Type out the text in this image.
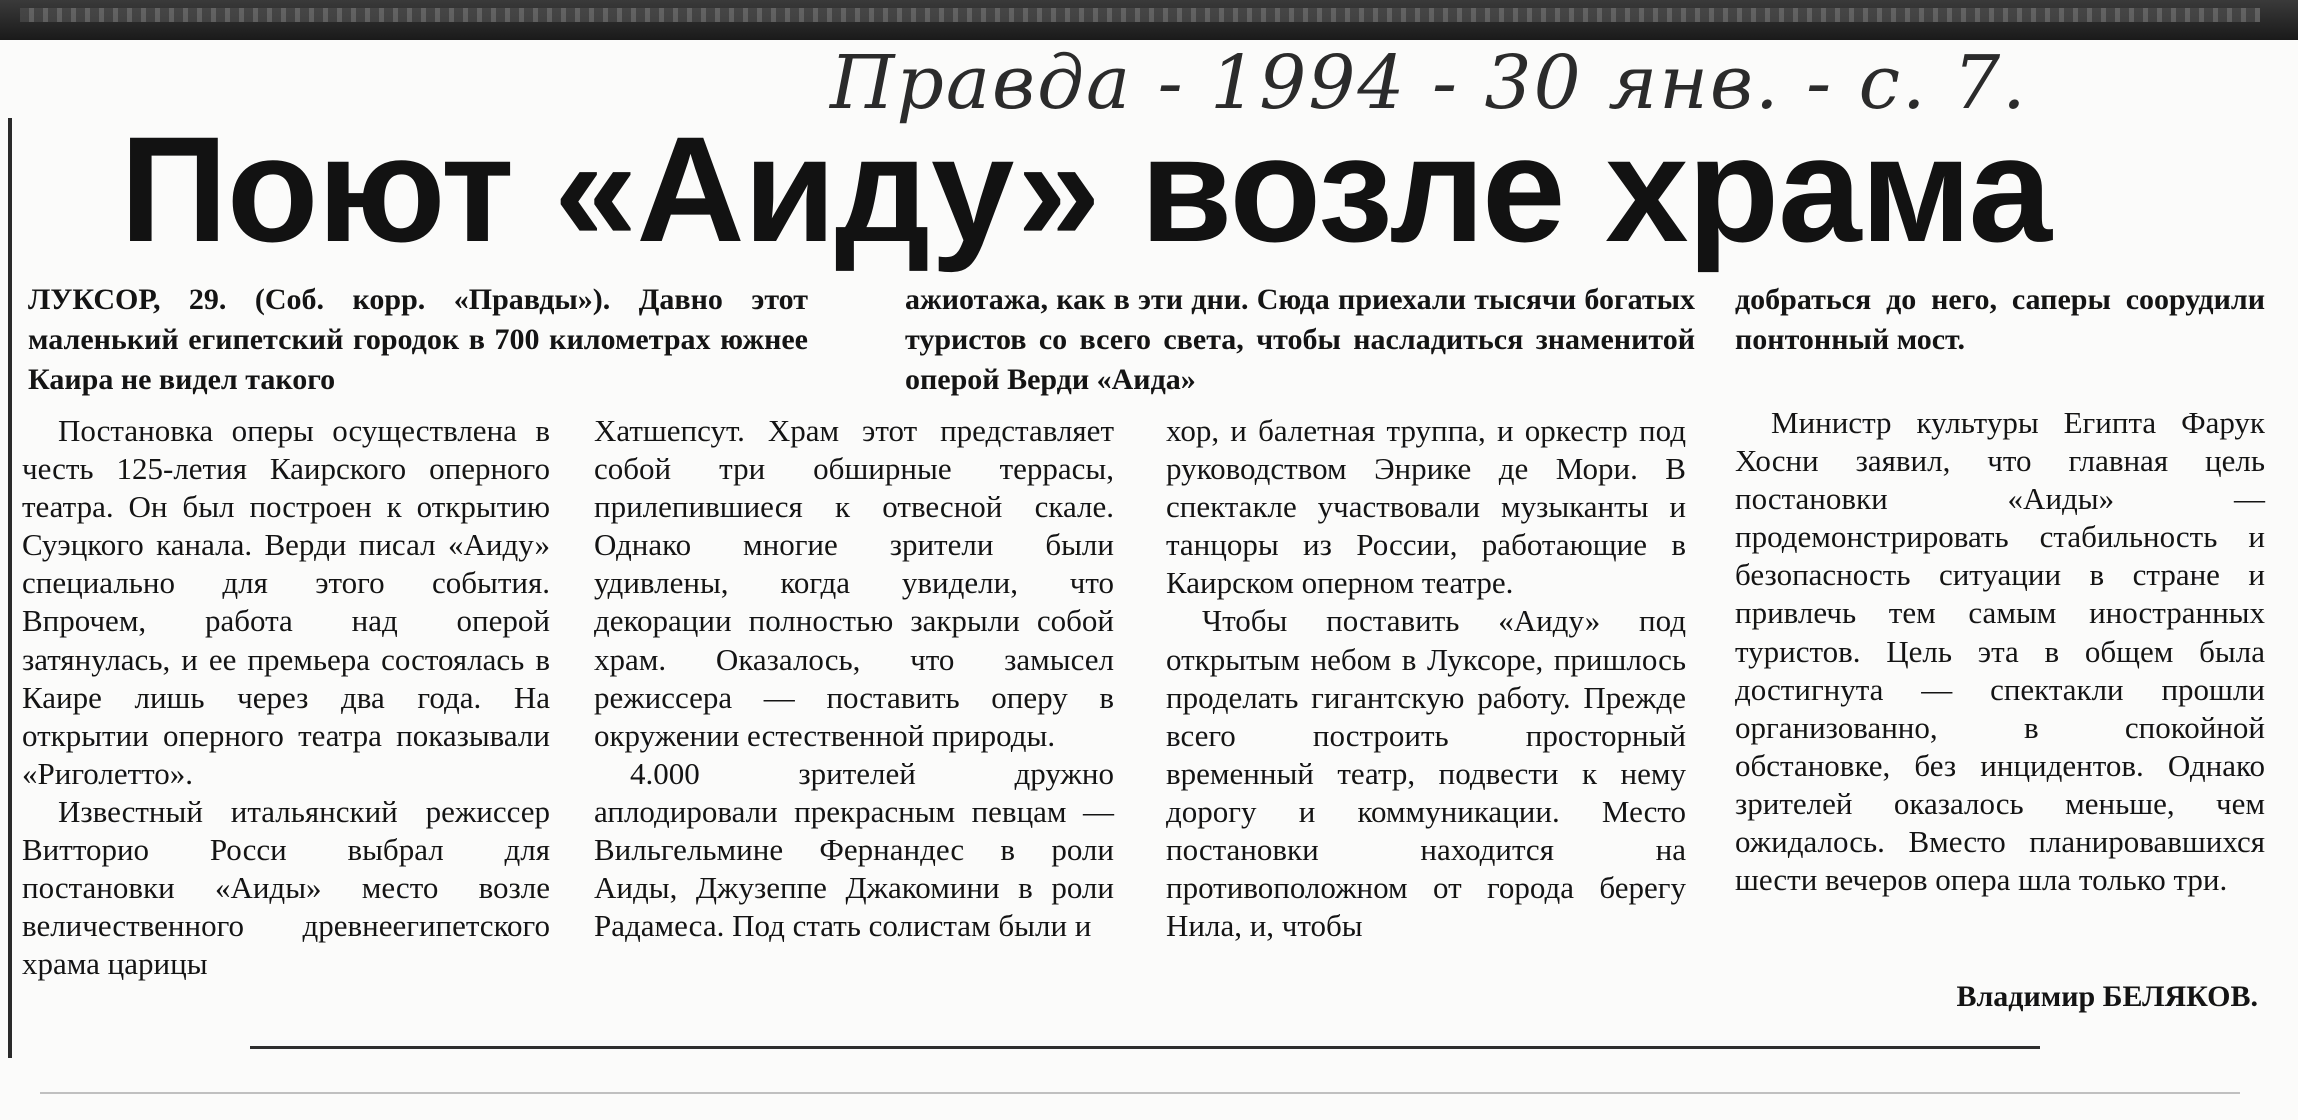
Правда - 1994 - 30 янв. - с. 7.
Поют «Аиду» возле храма
ЛУКСОР, 29. (Соб. корр. «Правды»). Давно этот маленький египетский городок в 700 километрах южнее Каира не видел такого
ажиотажа, как в эти дни. Сюда приехали тысячи богатых туристов со всего света, чтобы насладиться знаменитой оперой Верди «Аида»
добраться до него, саперы соорудили понтонный мост.

Постановка оперы осуществлена в честь 125-летия Каирского оперного театра. Он был построен к открытию Суэцкого канала. Верди писал «Аиду» специально для этого события. Впрочем, работа над оперой затянулась, и ее премьера состоялась в Каире лишь через два года. На открытии оперного театра показывали «Риголетто».

Известный итальянский режиссер Витторио Росси выбрал для постановки «Аиды» место возле величественного древнеегипетского храма царицы

Хатшепсут. Храм этот представляет собой три обширные террасы, прилепившиеся к отвесной скале. Однако многие зрители были удивлены, когда увидели, что декорации полностью закрыли собой храм. Оказалось, что замысел режиссера — поставить оперу в окружении естественной природы.

4.000 зрителей дружно аплодировали прекрасным певцам — Вильгельмине Фернандес в роли Аиды, Джузеппе Джакомини в роли Радамеса. Под стать солистам были и

хор, и балетная труппа, и оркестр под руководством Энрике де Мори. В спектакле участвовали музыканты и танцоры из России, работающие в Каирском оперном театре.

Чтобы поставить «Аиду» под открытым небом в Луксоре, пришлось проделать гигантскую работу. Прежде всего построить просторный временный театр, подвести к нему дорогу и коммуникации. Место постановки находится на противоположном от города берегу Нила, и, чтобы

Министр культуры Египта Фарук Хосни заявил, что главная цель постановки «Аиды» — продемонстрировать стабильность и безопасность ситуации в стране и привлечь тем самым иностранных туристов. Цель эта в общем была достигнута — спектакли прошли организованно, в спокойной обстановке, без инцидентов. Однако зрителей оказалось меньше, чем ожидалось. Вместо планировавшихся шести вечеров опера шла только три.

Владимир БЕЛЯКОВ.
